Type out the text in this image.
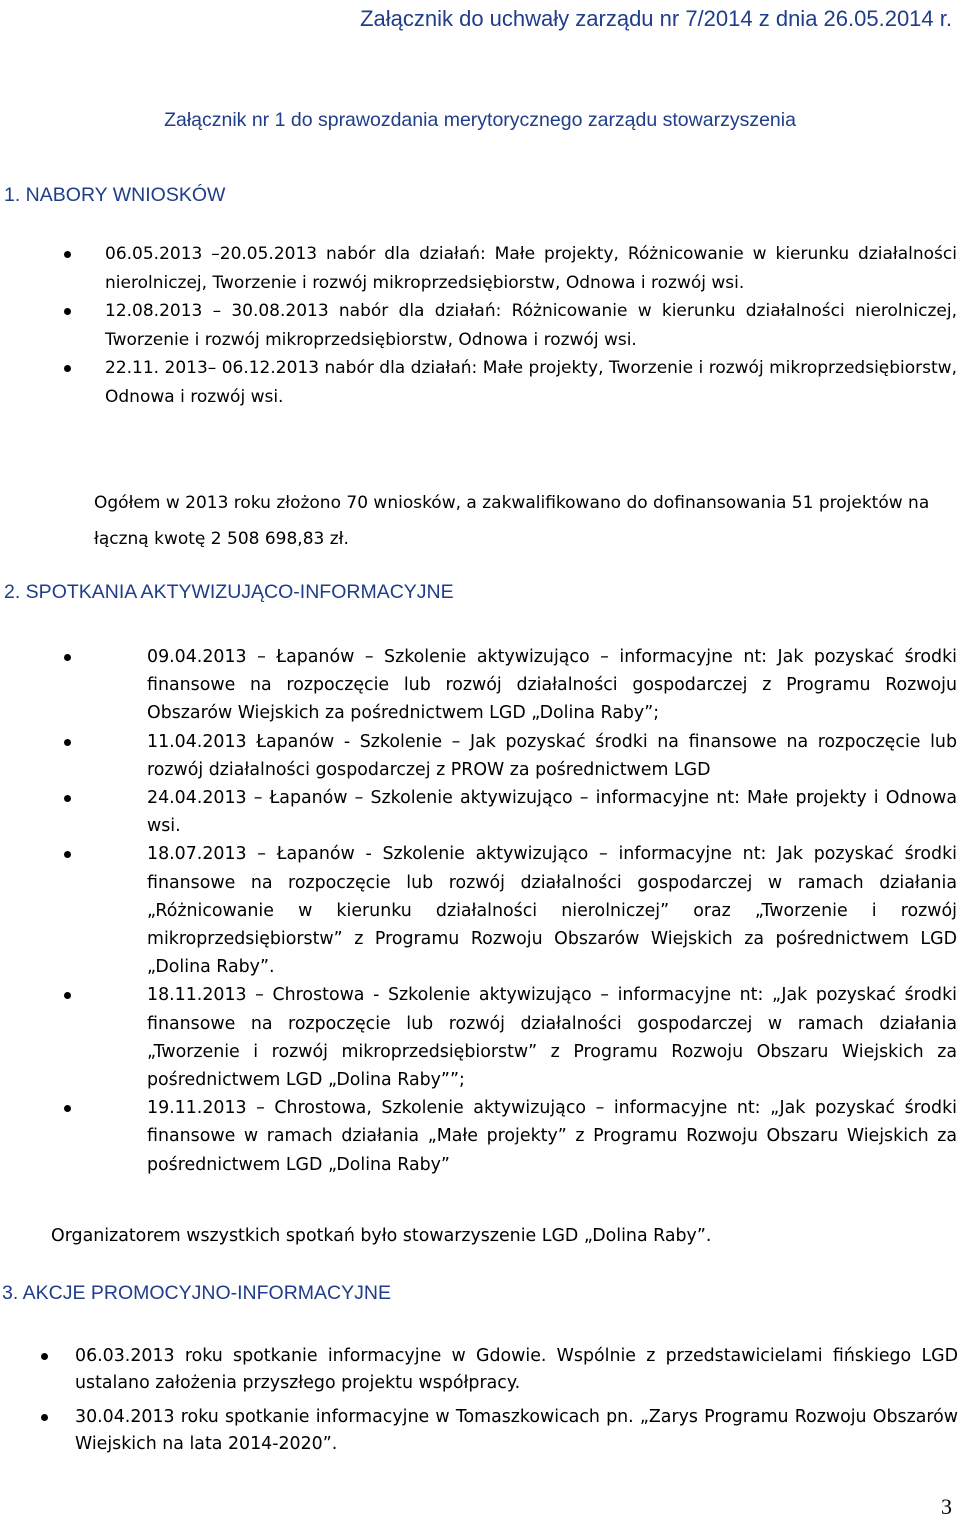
Załącznik do uchwały zarządu nr 7/2014 z dnia 26.05.2014 r.
Załącznik nr 1 do sprawozdania merytorycznego zarządu stowarzyszenia
1. NABORY WNIOSKÓW
06.05.2013 –20.05.2013 nabór dla działań: Małe projekty, Różnicowanie w kierunku działalności nierolniczej, Tworzenie i rozwój mikroprzedsiębiorstw, Odnowa i rozwój wsi.
12.08.2013 – 30.08.2013 nabór dla działań: Różnicowanie w kierunku działalności nierolniczej, Tworzenie i rozwój mikroprzedsiębiorstw, Odnowa i rozwój wsi.
22.11. 2013– 06.12.2013 nabór dla działań: Małe projekty, Tworzenie i rozwój mikroprzedsiębiorstw, Odnowa i rozwój wsi.
Ogółem w 2013 roku złożono 70 wniosków, a zakwalifikowano do dofinansowania 51 projektów na łączną kwotę 2 508 698,83 zł.
2. SPOTKANIA AKTYWIZUJĄCO-INFORMACYJNE
09.04.2013 – Łapanów – Szkolenie aktywizująco – informacyjne nt: Jak pozyskać środki finansowe na rozpoczęcie lub rozwój działalności gospodarczej z Programu Rozwoju Obszarów Wiejskich za pośrednictwem LGD „Dolina Raby”;
11.04.2013 Łapanów - Szkolenie – Jak pozyskać środki na finansowe na rozpoczęcie lub rozwój działalności gospodarczej z PROW za pośrednictwem LGD
24.04.2013 – Łapanów – Szkolenie aktywizująco – informacyjne nt: Małe projekty i Odnowa wsi.
18.07.2013 – Łapanów - Szkolenie aktywizująco – informacyjne nt: Jak pozyskać środki finansowe na rozpoczęcie lub rozwój działalności gospodarczej w ramach działania „Różnicowanie w kierunku działalności nierolniczej” oraz „Tworzenie i rozwój mikroprzedsiębiorstw” z Programu Rozwoju Obszarów Wiejskich za pośrednictwem LGD „Dolina Raby”.
18.11.2013 – Chrostowa - Szkolenie aktywizująco – informacyjne nt: „Jak pozyskać środki finansowe na rozpoczęcie lub rozwój działalności gospodarczej w ramach działania „Tworzenie i rozwój mikroprzedsiębiorstw” z Programu Rozwoju Obszaru Wiejskich za pośrednictwem LGD „Dolina Raby””;
19.11.2013 – Chrostowa, Szkolenie aktywizująco – informacyjne nt: „Jak pozyskać środki finansowe w ramach działania „Małe projekty” z Programu Rozwoju Obszaru Wiejskich za pośrednictwem LGD „Dolina Raby”
Organizatorem wszystkich spotkań było stowarzyszenie LGD „Dolina Raby”.
3. AKCJE PROMOCYJNO-INFORMACYJNE
06.03.2013 roku spotkanie informacyjne w Gdowie. Wspólnie z przedstawicielami fińskiego LGD ustalano założenia przyszłego projektu współpracy.
30.04.2013 roku spotkanie informacyjne w Tomaszkowicach pn. „Zarys Programu Rozwoju Obszarów Wiejskich na lata 2014-2020”.
3
